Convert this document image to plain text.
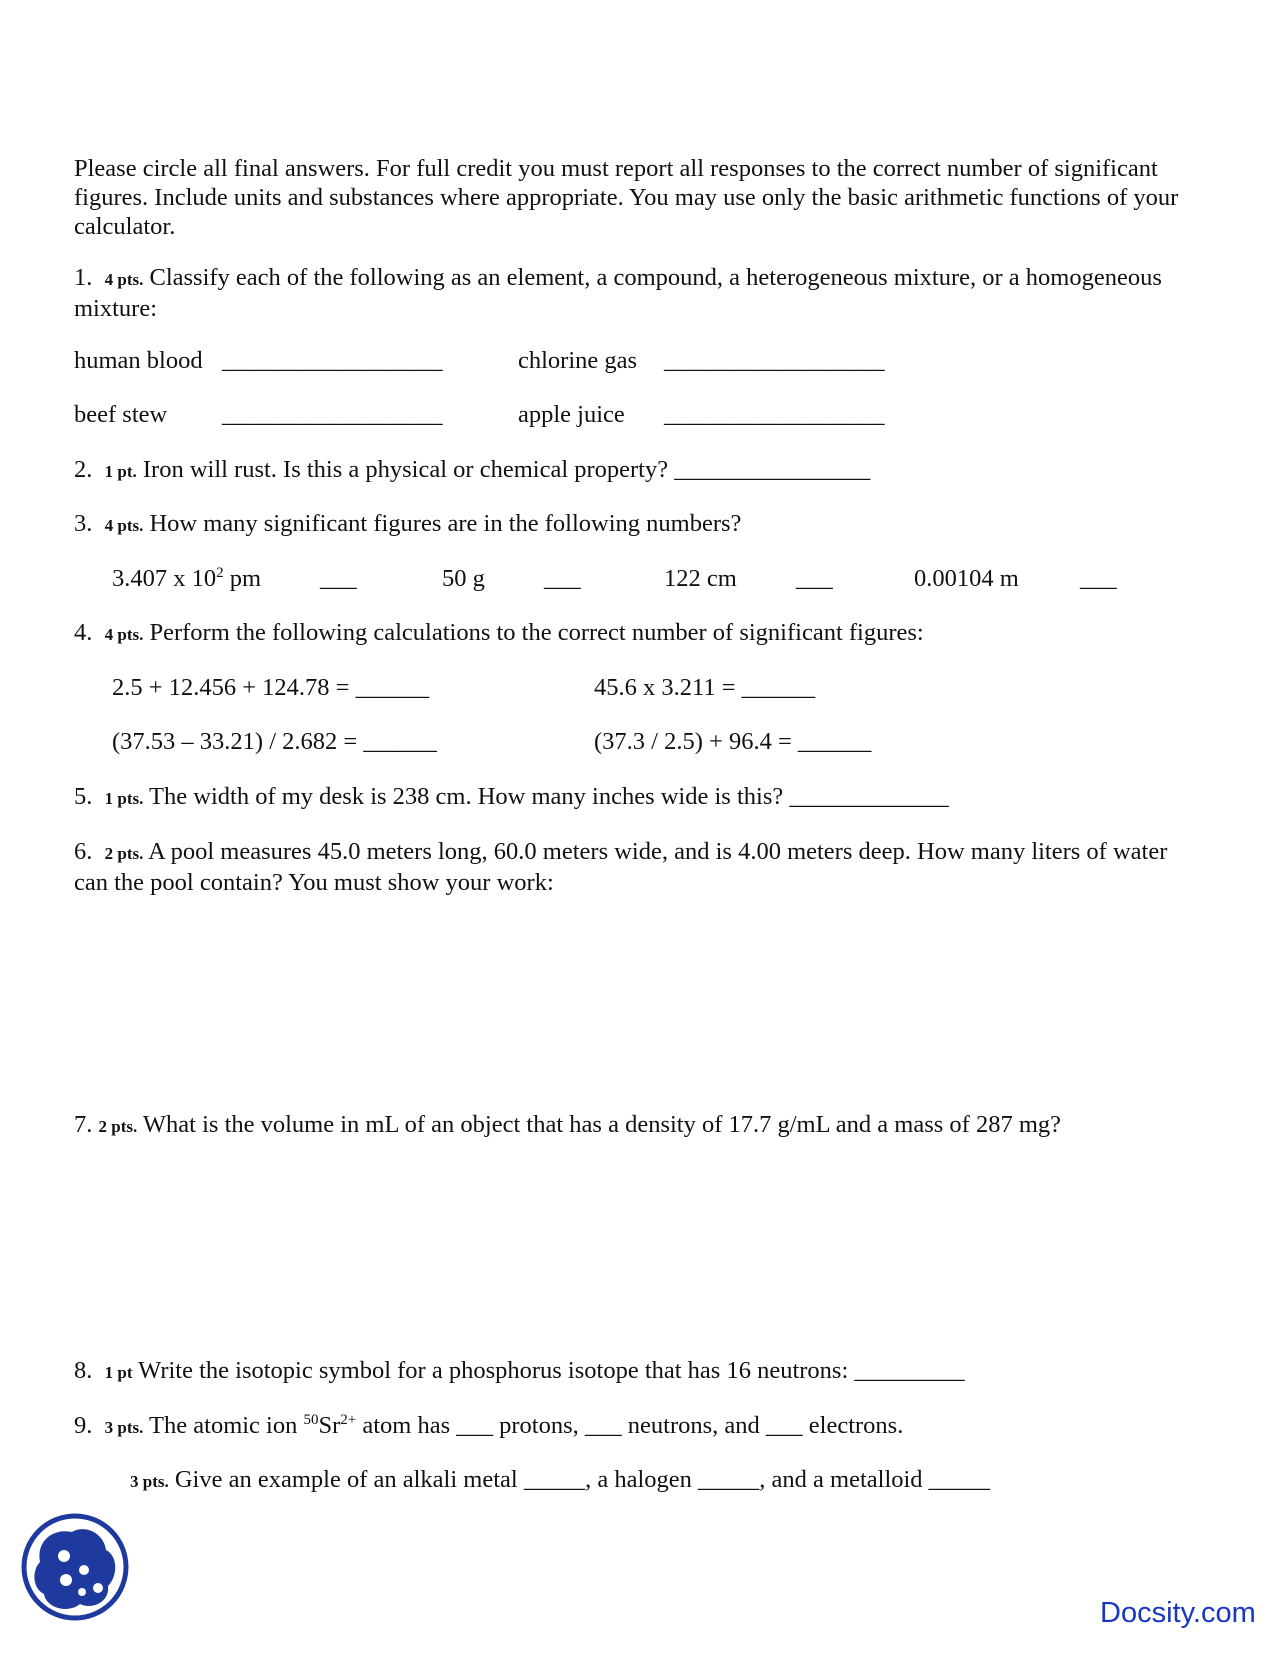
Please circle all final answers. For full credit you must report all responses to the correct number of significant figures. Include units and substances where appropriate. You may use only the basic arithmetic functions of your calculator.
1. 4 pts. Classify each of the following as an element, a compound, a heterogeneous mixture, or a homogeneous mixture:
human blood __________________	chlorine gas __________________
beef stew __________________	apple juice __________________
2. 1 pt. Iron will rust. Is this a physical or chemical property? ________________
3. 4 pts. How many significant figures are in the following numbers?
3.407 x $10^2$ pm ___	50 g ___	122 cm ___	0.00104 m ___
4. 4 pts. Perform the following calculations to the correct number of significant figures:
2.5 + 12.456 + 124.78 = ______	45.6 x 3.211 = ______
(37.53 – 33.21) / 2.682 = ______	(37.3 / 2.5) + 96.4 = ______
5. 1 pts. The width of my desk is 238 cm. How many inches wide is this? _____________
6. 2 pts. A pool measures 45.0 meters long, 60.0 meters wide, and is 4.00 meters deep. How many liters of water can the pool contain? You must show your work:
7. 2 pts. What is the volume in mL of an object that has a density of 17.7 g/mL and a mass of 287 mg?
8. 1 pt Write the isotopic symbol for a phosphorus isotope that has 16 neutrons: _________
9. 3 pts. The atomic ion $^{50}Sr^{2+}$ atom has ___ protons, ___ neutrons, and ___ electrons.
3 pts. Give an example of an alkali metal _____, a halogen _____, and a metalloid _____
Docsity.com
